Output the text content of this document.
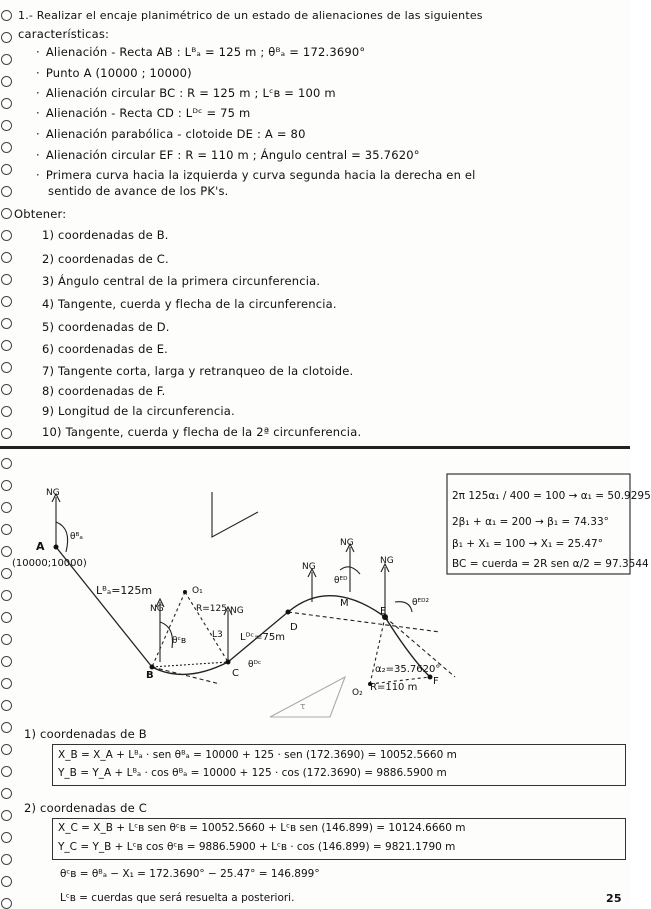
1.- Realizar el encaje planimétrico de un estado de alienaciones de las siguientes
características:
· Alienación - Recta AB : Lᴮₐ = 125 m ; θᴮₐ = 172.3690°
· Punto A (10000 ; 10000)
· Alienación circular BC : R = 125 m ; Lᶜʙ = 100 m
· Alienación - Recta CD : Lᴰᶜ = 75 m
· Alienación parabólica - clotoide DE : A = 80
· Alienación circular EF : R = 110 m ; Ángulo central = 35.7620°
· Primera curva hacia la izquierda y curva segunda hacia la derecha en el
sentido de avance de los PK's.
Obtener:
1) coordenadas de B.
2) coordenadas de C.
3) Ángulo central de la primera circunferencia.
4) Tangente, cuerda y flecha de la circunferencia.
5) coordenadas de D.
6) coordenadas de E.
7) Tangente corta, larga y retranqueo de la clotoide.
8) coordenadas de F.
9) Longitud de la circunferencia.
10) Tangente, cuerda y flecha de la 2ª circunferencia.
NG
A
(10000;10000)
θᴮₐ
Lᴮₐ=125m
B	C
D
E
F
M
O₁
O₂
R=125
Lᴰᶜ=75m
L3
θᶜʙ
θᴰᶜ
θᴱᴰ
θᴱᴰ²
α₂=35.7620°
R=110 m
NG	NG
NG
NG
NG
τ
2π 125α₁ / 400 = 100 → α₁ = 50.9295
2β₁ + α₁ = 200 → β₁ = 74.33°
β₁ + X₁ = 100 → X₁ = 25.47°
BC = cuerda = 2R sen α/2 = 97.3544
1) coordenadas de B
X_B = X_A + Lᴮₐ · sen θᴮₐ = 10000 + 125 · sen (172.3690) = 10052.5660 m
Y_B = Y_A + Lᴮₐ · cos θᴮₐ = 10000 + 125 · cos (172.3690) = 9886.5900 m
2) coordenadas de C
X_C = X_B + Lᶜʙ sen θᶜʙ = 10052.5660 + Lᶜʙ sen (146.899) = 10124.6660 m
Y_C = Y_B + Lᶜʙ cos θᶜʙ = 9886.5900 + Lᶜʙ · cos (146.899) = 9821.1790 m
θᶜʙ = θᴮₐ − X₁ = 172.3690° − 25.47° = 146.899°
Lᶜʙ = cuerdas que será resuelta a posteriori.	25
